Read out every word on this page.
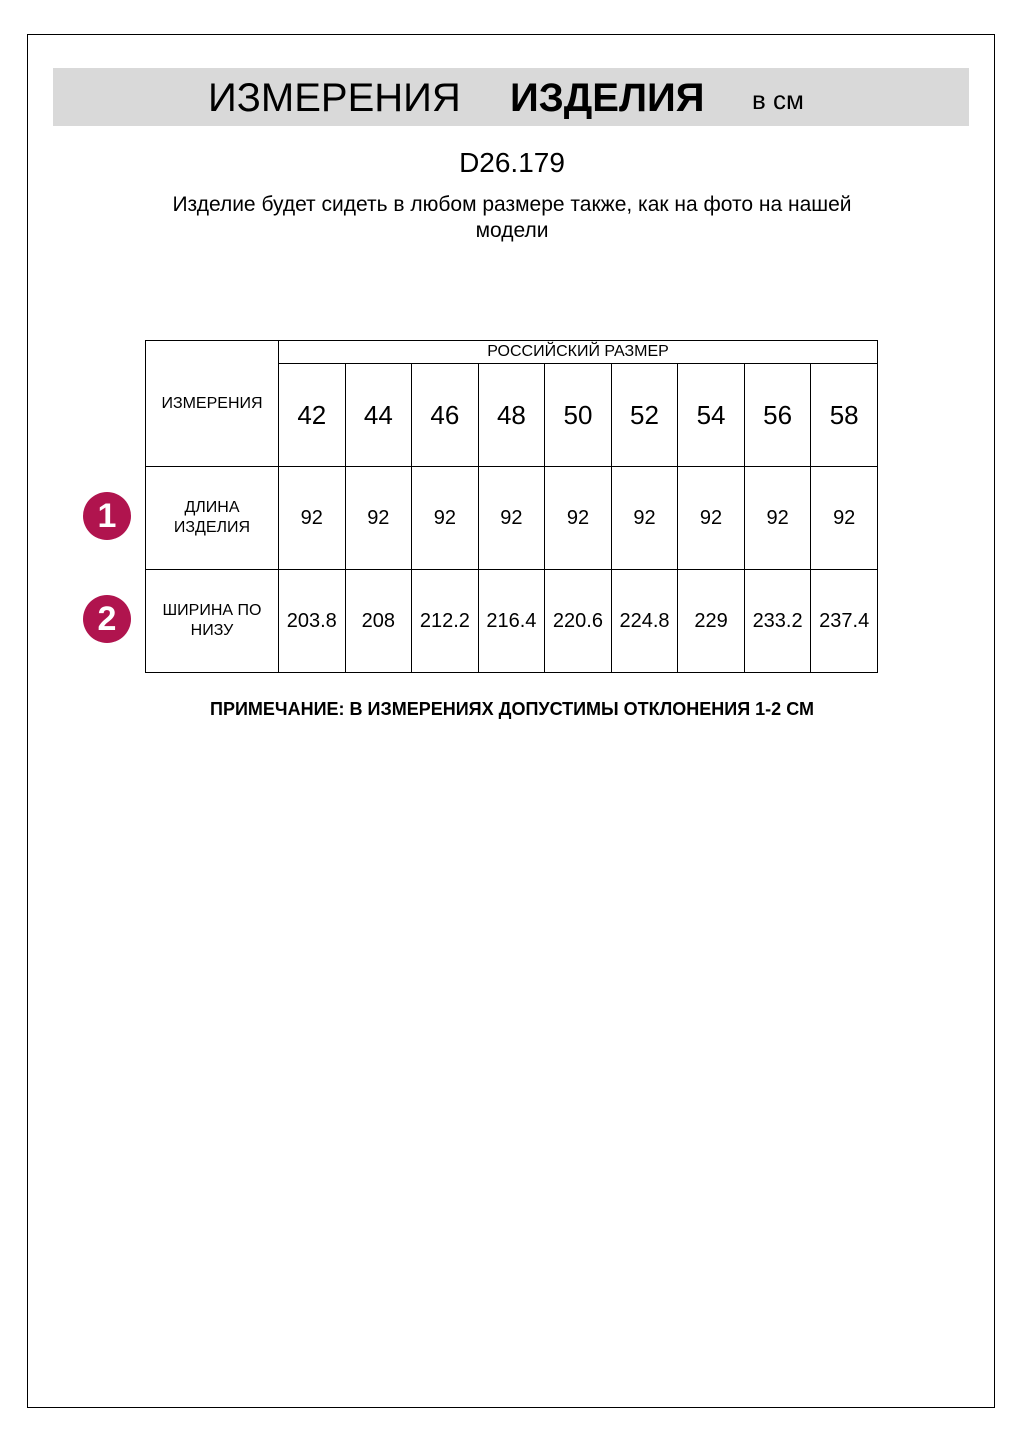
ИЗМЕРЕНИЯ ИЗДЕЛИЯ в см
D26.179
Изделие будет сидеть в любом размере также, как на фото на нашей модели
ИЗМЕРЕНИЯ	РОССИЙСКИЙ РАЗМЕР								
	42	44	46	48	50	52	54	56	58
ДЛИНА ИЗДЕЛИЯ	92	92	92	92	92	92	92	92	92
ШИРИНА ПО НИЗУ	203.8	208	212.2	216.4	220.6	224.8	229	233.2	237.4
1
2
ПРИМЕЧАНИЕ: В ИЗМЕРЕНИЯХ ДОПУСТИМЫ ОТКЛОНЕНИЯ 1-2 СМ
